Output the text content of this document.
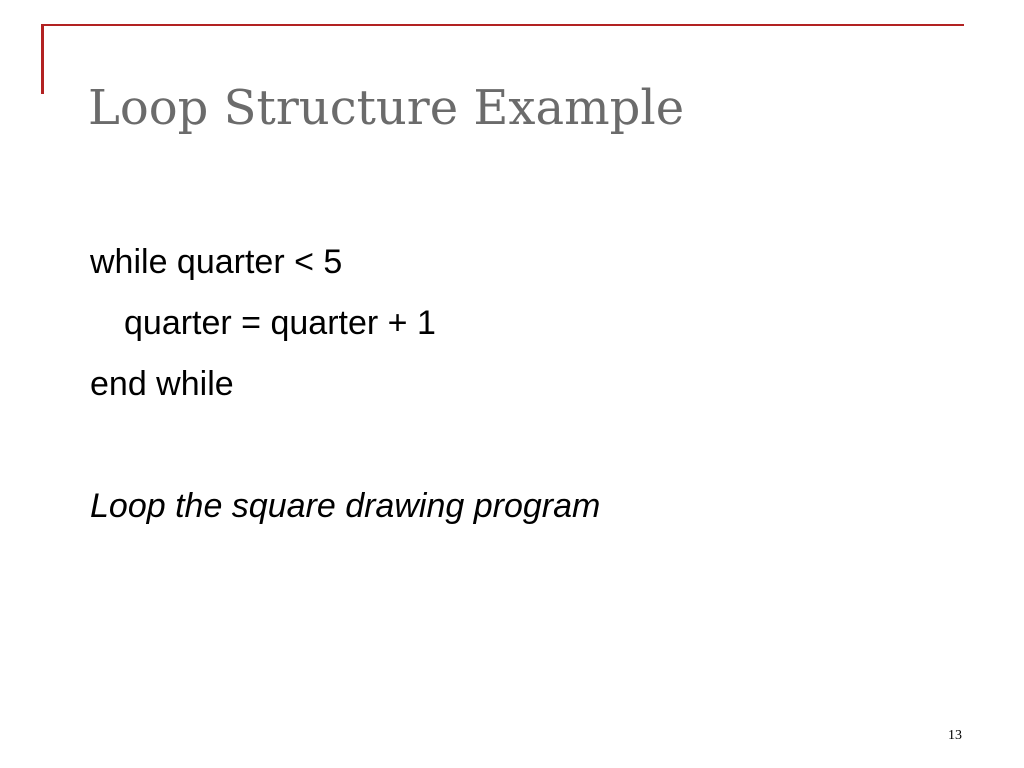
Loop Structure Example

while quarter < 5

quarter = quarter + 1

end while

Loop the square drawing program

13
